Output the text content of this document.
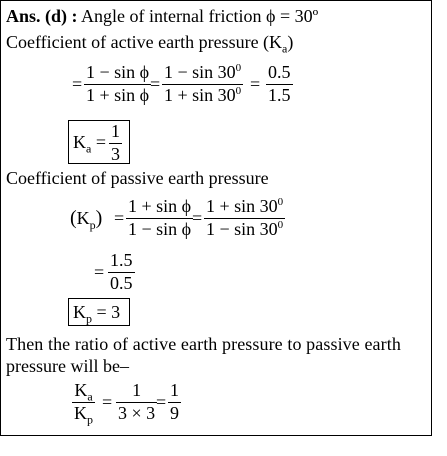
Ans. (d) : Angle of internal friction ϕ = 30º
Coefficient of active earth pressure $(K_a)$
= $\frac{\text{1 − sin ϕ}}{\text{1 + sin ϕ}}$
= $\frac{1 - \sin 30^0}{1 + \sin 30^0} = \frac{0.5}{1.5}$
$K_a = \frac{1}{3}$
Coefficient of passive earth pressure
$(K_p) = \frac{\text{1 + sin ϕ}}{\text{1 − sin ϕ}}$
= $\frac{1 + \sin 30^0}{1 - \sin 30^0}$
= $\frac{1.5}{0.5}$
$K_p = 3$
Then the ratio of active earth pressure to passive earth
pressure will be–
$\frac{K_a}{K_p} = \frac{1}{3 \times 3}$
= $\frac{1}{9}$
